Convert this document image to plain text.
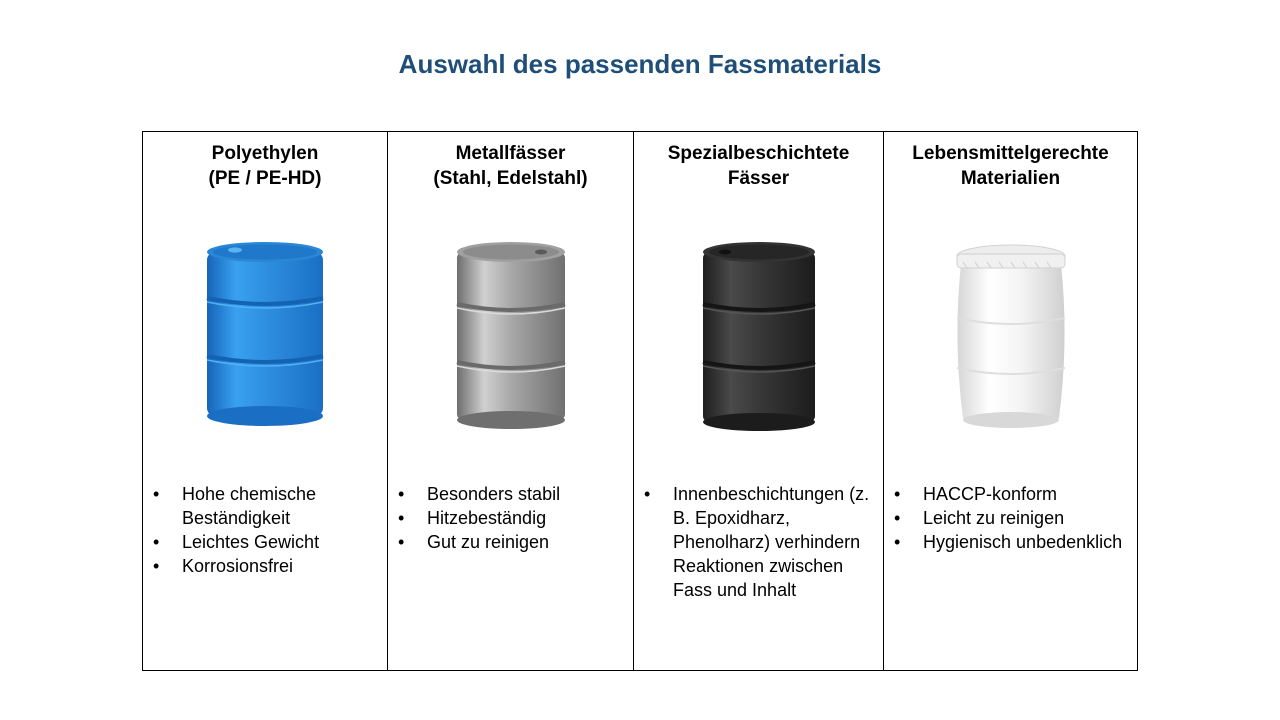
Auswahl des passenden Fassmaterials
Polyethylen
(PE / PE-HD)
• Hohe chemische Beständigkeit
• Leichtes Gewicht
• Korrosionsfrei
Metallfässer
(Stahl, Edelstahl)
• Besonders stabil
• Hitzebeständig
• Gut zu reinigen
Spezialbeschichtete
Fässer
• Innenbeschichtungen (z. B. Epoxidharz, Phenolharz) verhindern Reaktionen zwischen Fass und Inhalt
Lebensmittelgerechte
Materialien
• HACCP-konform
• Leicht zu reinigen
• Hygienisch unbedenklich
